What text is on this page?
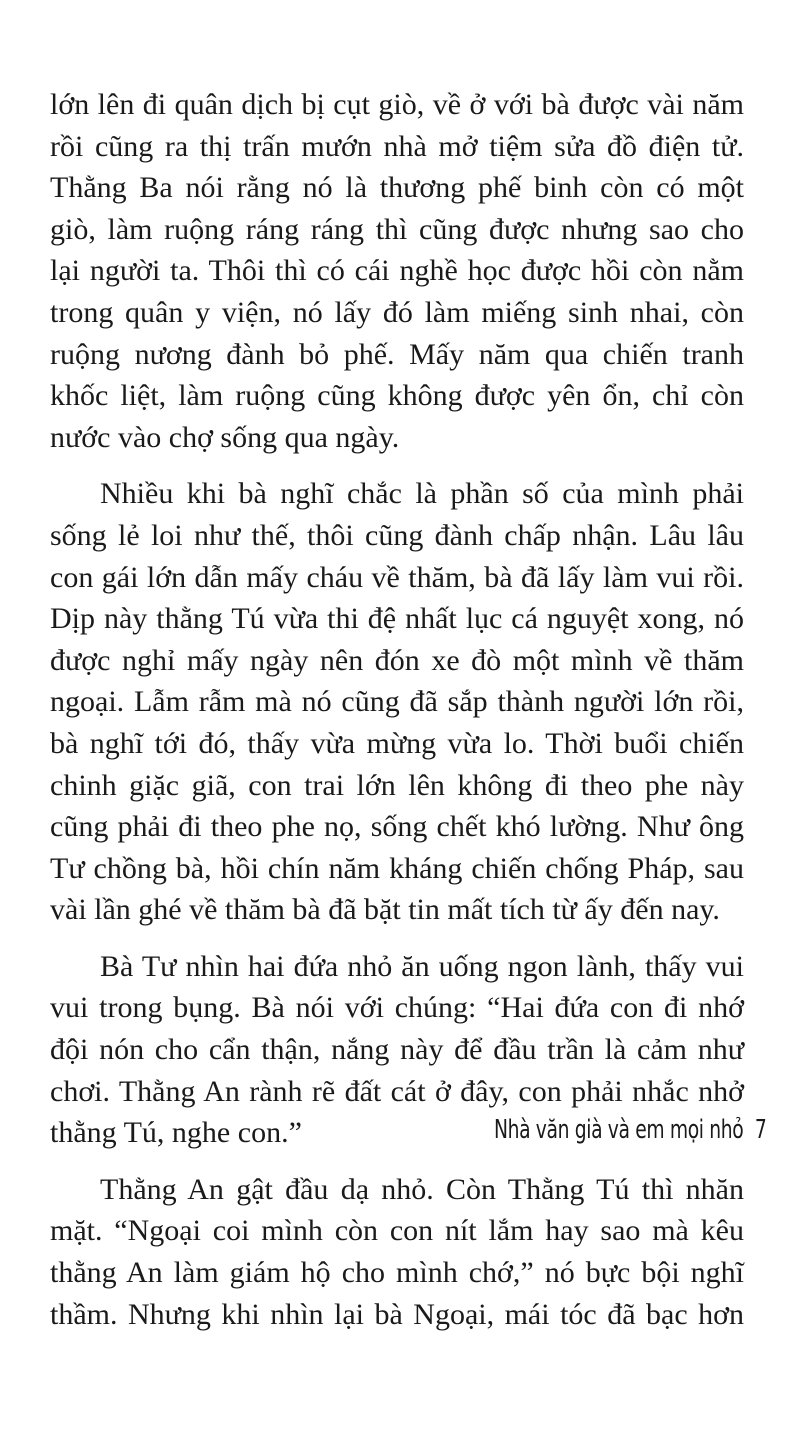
lớn lên đi quân dịch bị cụt giò, về ở với bà được vài năm
rồi cũng ra thị trấn mướn nhà mở tiệm sửa đồ điện tử.
Thằng Ba nói rằng nó là thương phế binh còn có một
giò, làm ruộng ráng ráng thì cũng được nhưng sao cho
lại người ta. Thôi thì có cái nghề học được hồi còn nằm
trong quân y viện, nó lấy đó làm miếng sinh nhai, còn
ruộng nương đành bỏ phế. Mấy năm qua chiến tranh
khốc liệt, làm ruộng cũng không được yên ổn, chỉ còn
nước vào chợ sống qua ngày.

Nhiều khi bà nghĩ chắc là phần số của mình phải
sống lẻ loi như thế, thôi cũng đành chấp nhận. Lâu lâu
con gái lớn dẫn mấy cháu về thăm, bà đã lấy làm vui rồi.
Dịp này thằng Tú vừa thi đệ nhất lục cá nguyệt xong, nó
được nghỉ mấy ngày nên đón xe đò một mình về thăm
ngoại. Lẫm rẫm mà nó cũng đã sắp thành người lớn rồi,
bà nghĩ tới đó, thấy vừa mừng vừa lo. Thời buổi chiến
chinh giặc giã, con trai lớn lên không đi theo phe này
cũng phải đi theo phe nọ, sống chết khó lường. Như ông
Tư chồng bà, hồi chín năm kháng chiến chống Pháp, sau
vài lần ghé về thăm bà đã bặt tin mất tích từ ấy đến nay.

Bà Tư nhìn hai đứa nhỏ ăn uống ngon lành, thấy vui
vui trong bụng. Bà nói với chúng: “Hai đứa con đi nhớ
đội nón cho cẩn thận, nắng này để đầu trần là cảm như
chơi. Thằng An rành rẽ đất cát ở đây, con phải nhắc nhở
thằng Tú, nghe con.”

Thằng An gật đầu dạ nhỏ. Còn Thằng Tú thì nhăn
mặt. “Ngoại coi mình còn con nít lắm hay sao mà kêu
thằng An làm giám hộ cho mình chớ,” nó bực bội nghĩ
thầm. Nhưng khi nhìn lại bà Ngoại, mái tóc đã bạc hơn

Nhà văn già và em mọi nhỏ 7
